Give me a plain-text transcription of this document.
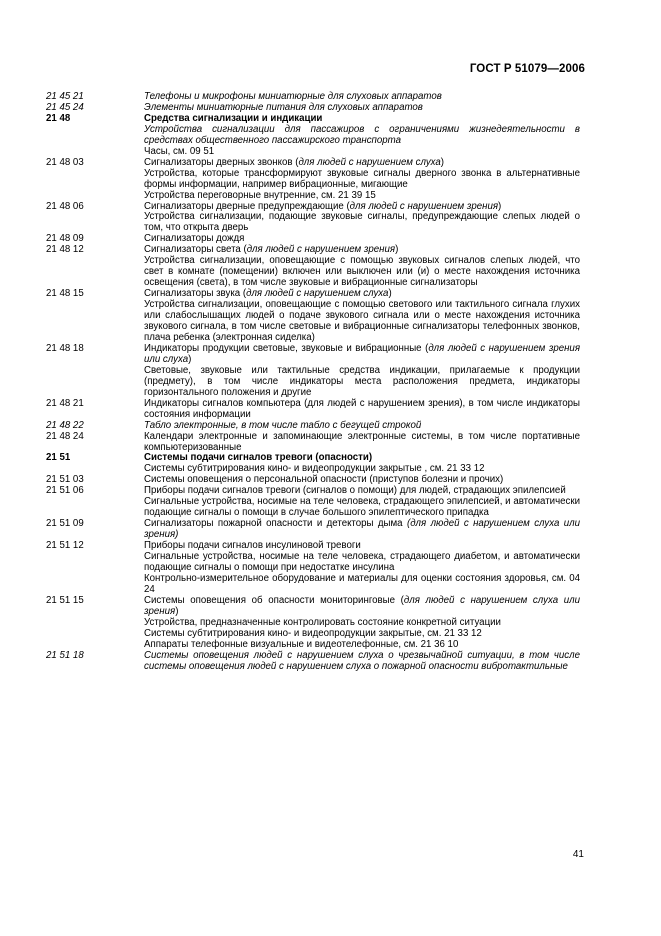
ГОСТ Р 51079—2006
21 45 21	Телефоны и микрофоны миниатюрные для слуховых аппаратов
21 45 24	Элементы миниатюрные питания для слуховых аппаратов
21 48	Средства сигнализации и индикации
Устройства сигнализации для пассажиров с ограничениями жизнедеятельности в средствах общественного пассажирского транспорта
Часы, см. 09 51
21 48 03	Сигнализаторы дверных звонков (для людей с нарушением слуха)
Устройства, которые трансформируют звуковые сигналы дверного звонка в альтернативные формы информации, например вибрационные, мигающие
Устройства переговорные внутренние, см. 21 39 15
21 48 06	Сигнализаторы дверные предупреждающие (для людей с нарушением зрения)
Устройства сигнализации, подающие звуковые сигналы, предупреждающие слепых людей о том, что открыта дверь
21 48 09	Сигнализаторы дождя
21 48 12	Сигнализаторы света (для людей с нарушением зрения)
Устройства сигнализации, оповещающие с помощью звуковых сигналов слепых людей, что свет в комнате (помещении) включен или выключен или (и) о месте нахождения источника освещения (света), в том числе звуковые и вибрационные сигнализаторы
21 48 15	Сигнализаторы звука (для людей с нарушением слуха)
Устройства сигнализации, оповещающие с помощью светового или тактильного сигнала глухих или слабослышащих людей о подаче звукового сигнала или о месте нахождения источника звукового сигнала, в том числе световые и вибрационные сигнализаторы телефонных звонков, плача ребенка (электронная сиделка)
21 48 18	Индикаторы продукции световые, звуковые и вибрационные (для людей с нарушением зрения или слуха)
Световые, звуковые или тактильные средства индикации, прилагаемые к продукции (предмету), в том числе индикаторы места расположения предмета, индикаторы горизонтального положения и другие
21 48 21	Индикаторы сигналов компьютера (для людей с нарушением зрения), в том числе индикаторы состояния информации
21 48 22	Табло электронные, в том числе табло с бегущей строкой
21 48 24	Календари электронные и запоминающие электронные системы, в том числе портативные компьютеризованные
21 51	Системы подачи сигналов тревоги (опасности)
Системы субтитрирования кино- и видеопродукции закрытые , см. 21 33 12
21 51 03	Системы оповещения о персональной опасности (приступов болезни и прочих)
21 51 06	Приборы подачи сигналов тревоги (сигналов о помощи) для людей, страдающих эпилепсией
Сигнальные устройства, носимые на теле человека, страдающего эпилепсией, и автоматически подающие сигналы о помощи в случае большого эпилептического припадка
21 51 09	Сигнализаторы пожарной опасности и детекторы дыма (для людей с нарушением слуха или зрения)
21 51 12	Приборы подачи сигналов инсулиновой тревоги
Сигнальные устройства, носимые на теле человека, страдающего диабетом, и автоматически подающие сигналы о помощи при недостатке инсулина
Контрольно-измерительное оборудование и материалы для оценки состояния здоровья, см. 04 24
21 51 15	Системы оповещения об опасности мониторинговые (для людей с нарушением слуха или зрения)
Устройства, предназначенные контролировать состояние конкретной ситуации
Системы субтитрирования кино- и видеопродукции закрытые, см. 21 33 12
Аппараты телефонные визуальные и видеотелефонные, см. 21 36 10
21 51 18	Системы оповещения людей с нарушением слуха о чрезвычайной ситуации, в том числе системы оповещения людей с нарушением слуха о пожарной опасности вибротактильные
41
